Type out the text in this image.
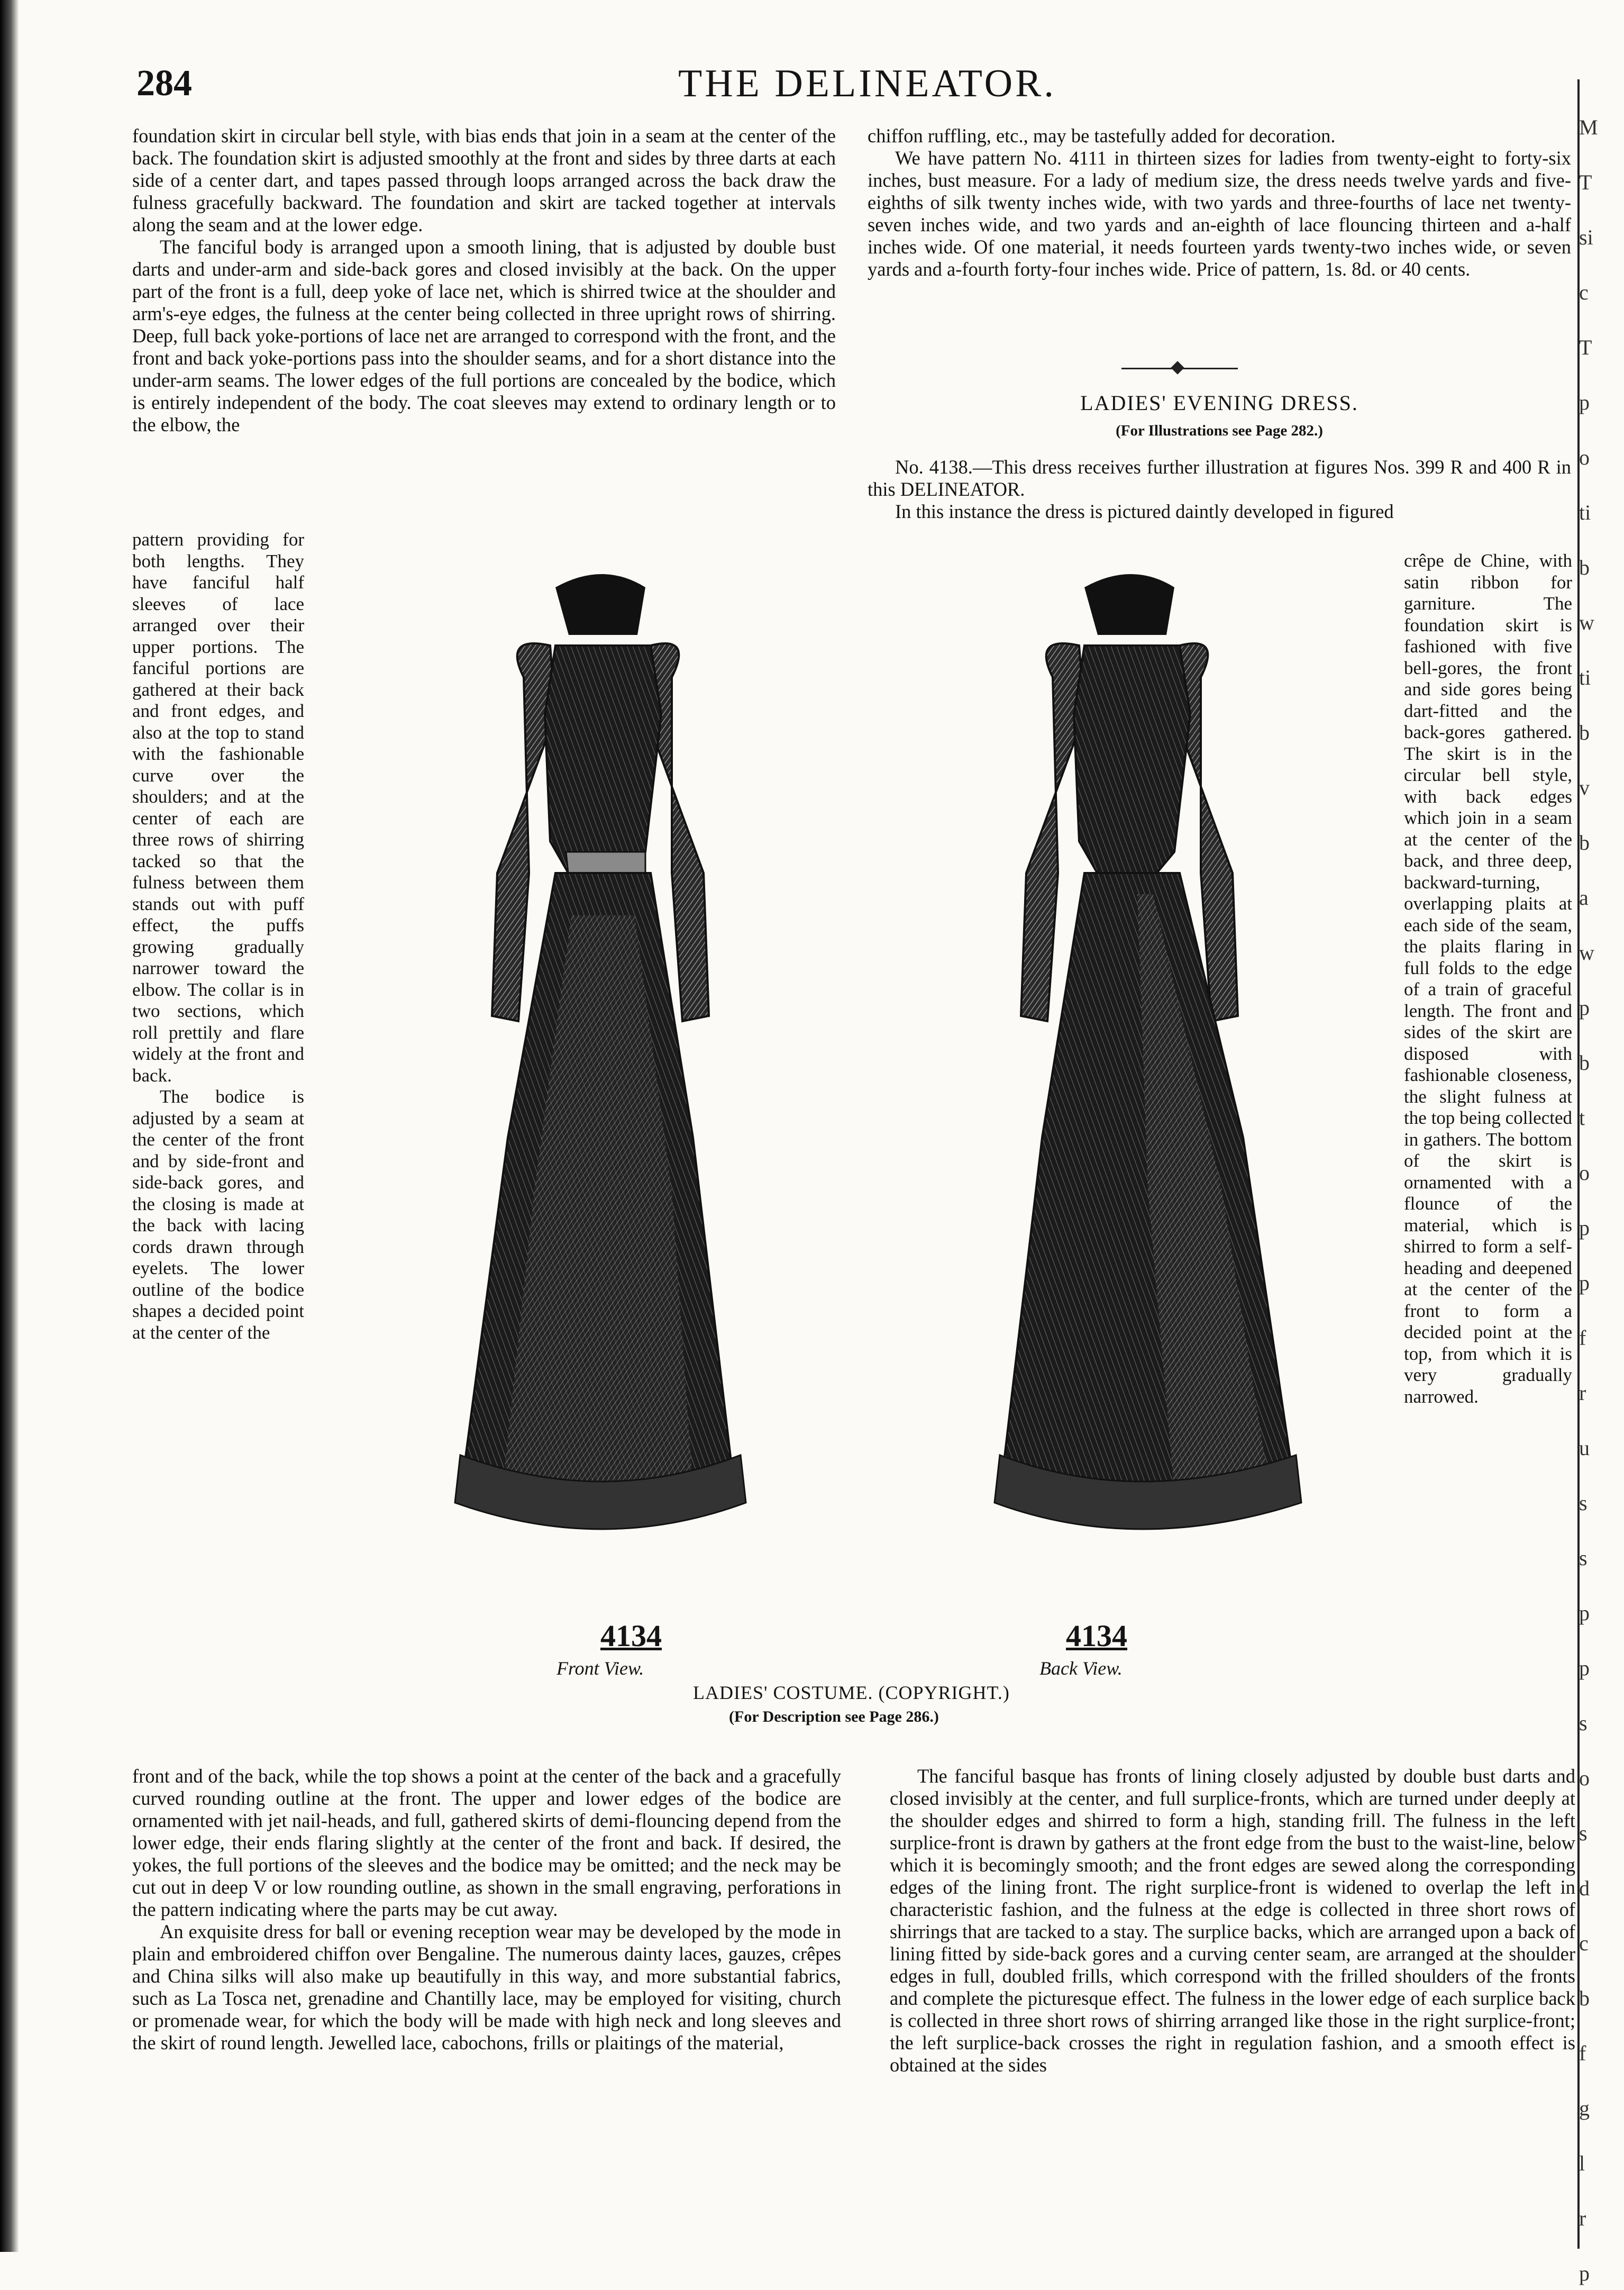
284	THE DELINEATOR.

foundation skirt in circular bell style, with bias ends that join in a seam at the center of the back. The foundation skirt is adjusted smoothly at the front and sides by three darts at each side of a center dart, and tapes passed through loops arranged across the back draw the fulness gracefully backward. The foundation and skirt are tacked together at intervals along the seam and at the lower edge.

The fanciful body is arranged upon a smooth lining, that is adjusted by double bust darts and under-arm and side-back gores and closed invisibly at the back. On the upper part of the front is a full, deep yoke of lace net, which is shirred twice at the shoulder and arm's-eye edges, the fulness at the center being collected in three upright rows of shirring. Deep, full back yoke-portions of lace net are arranged to correspond with the front, and the front and back yoke-portions pass into the shoulder seams, and for a short distance into the under-arm seams. The lower edges of the full portions are concealed by the bodice, which is entirely independent of the body. The coat sleeves may extend to ordinary length or to the elbow, the

pattern providing for both lengths. They have fanciful half sleeves of lace arranged over their upper portions. The fanciful portions are gathered at their back and front edges, and also at the top to stand with the fashionable curve over the shoulders; and at the center of each are three rows of shirring tacked so that the fulness between them stands out with puff effect, the puffs growing gradually narrower toward the elbow. The collar is in two sections, which roll prettily and flare widely at the front and back.

The bodice is adjusted by a seam at the center of the front and by side-front and side-back gores, and the closing is made at the back with lacing cords drawn through eyelets. The lower outline of the bodice shapes a decided point at the center of the

chiffon ruffling, etc., may be tastefully added for decoration.

We have pattern No. 4111 in thirteen sizes for ladies from twenty-eight to forty-six inches, bust measure. For a lady of medium size, the dress needs twelve yards and five-eighths of silk twenty inches wide, with two yards and three-fourths of lace net twenty-seven inches wide, and two yards and an-eighth of lace flouncing thirteen and a-half inches wide. Of one material, it needs fourteen yards twenty-two inches wide, or seven yards and a-fourth forty-four inches wide. Price of pattern, 1s. 8d. or 40 cents.

LADIES' EVENING DRESS.
(For Illustrations see Page 282.)

No. 4138.—This dress receives further illustration at figures Nos. 399 R and 400 R in this DELINEATOR.

In this instance the dress is pictured daintly developed in figured

crêpe de Chine, with satin ribbon for garniture. The foundation skirt is fashioned with five bell-gores, the front and side gores being dart-fitted and the back-gores gathered. The skirt is in the circular bell style, with back edges which join in a seam at the center of the back, and three deep, backward-turning, overlapping plaits at each side of the seam, the plaits flaring in full folds to the edge of a train of graceful length. The front and sides of the skirt are disposed with fashionable closeness, the slight fulness at the top being collected in gathers. The bottom of the skirt is ornamented with a flounce of the material, which is shirred to form a self-heading and deepened at the center of the front to form a decided point at the top, from which it is very gradually narrowed.

4134	4134
Front View.	Back View.
LADIES' COSTUME. (COPYRIGHT.)
(For Description see Page 286.)

front and of the back, while the top shows a point at the center of the back and a gracefully curved rounding outline at the front. The upper and lower edges of the bodice are ornamented with jet nail-heads, and full, gathered skirts of demi-flouncing depend from the lower edge, their ends flaring slightly at the center of the front and back. If desired, the yokes, the full portions of the sleeves and the bodice may be omitted; and the neck may be cut out in deep V or low rounding outline, as shown in the small engraving, perforations in the pattern indicating where the parts may be cut away.

An exquisite dress for ball or evening reception wear may be developed by the mode in plain and embroidered chiffon over Bengaline. The numerous dainty laces, gauzes, crêpes and China silks will also make up beautifully in this way, and more substantial fabrics, such as La Tosca net, grenadine and Chantilly lace, may be employed for visiting, church or promenade wear, for which the body will be made with high neck and long sleeves and the skirt of round length. Jewelled lace, cabochons, frills or plaitings of the material,

The fanciful basque has fronts of lining closely adjusted by double bust darts and closed invisibly at the center, and full surplice-fronts, which are turned under deeply at the shoulder edges and shirred to form a high, standing frill. The fulness in the left surplice-front is drawn by gathers at the front edge from the bust to the waist-line, below which it is becomingly smooth; and the front edges are sewed along the corresponding edges of the lining front. The right surplice-front is widened to overlap the left in characteristic fashion, and the fulness at the edge is collected in three short rows of shirrings that are tacked to a stay. The surplice backs, which are arranged upon a back of lining fitted by side-back gores and a curving center seam, are arranged at the shoulder edges in full, doubled frills, which correspond with the frilled shoulders of the fronts and complete the picturesque effect. The fulness in the lower edge of each surplice back is collected in three short rows of shirring arranged like those in the right surplice-front; the left surplice-back crosses the right in regulation fashion, and a smooth effect is obtained at the sides

M
T
si
c
T
p
o
ti
b
w
ti
b
v
b
a
w
p
b
t
o
p
p
f
r
u
s
s
p
p
s
o
s
d
c
b
f
g
l
r
p
